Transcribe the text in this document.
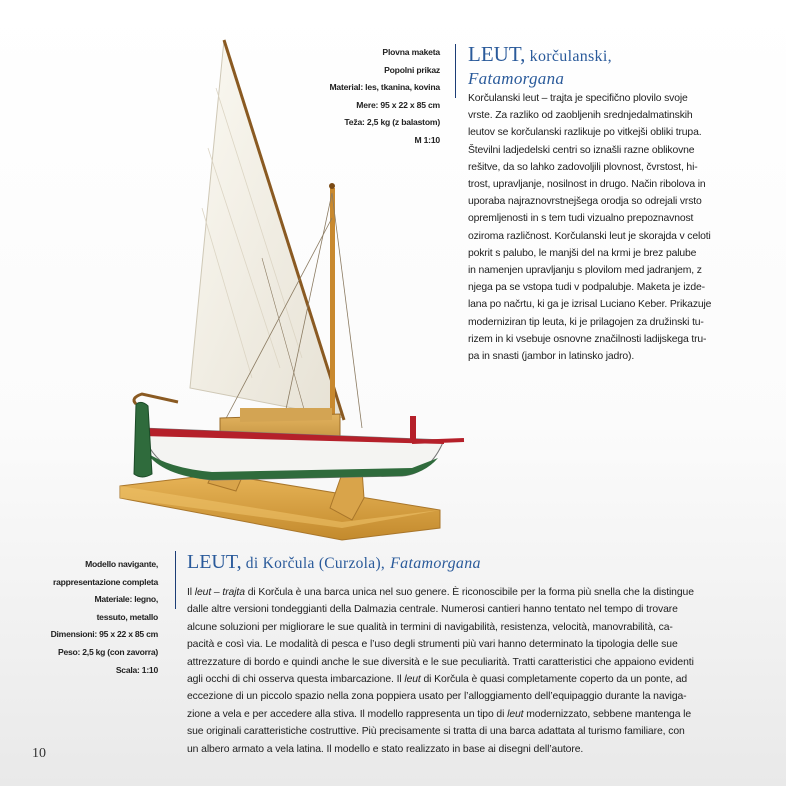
Plovna maketa
Popolni prikaz
Material: les, tkanina, kovina
Mere: 95 x 22 x 85 cm
Teža: 2,5 kg (z balastom)
M 1:10
LEUT, korčulanski,
Fatamorgana
Korčulanski leut – trajta je specifično plovilo svoje
vrste. Za razliko od zaobljenih srednjedalmatinskih
leutov se korčulanski razlikuje po vitkejši obliki trupa.
Številni ladjedelski centri so iznašli razne oblikovne
rešitve, da so lahko zadovoljili plovnost, čvrstost, hi-
trost, upravljanje, nosilnost in drugo. Način ribolova in
uporaba najraznovrstnejšega orodja so odrejali vrsto
opremljenosti in s tem tudi vizualno prepoznavnost
oziroma različnost. Korčulanski leut je skorajda v celoti
pokrit s palubo, le manjši del na krmi je brez palube
in namenjen upravljanju s plovilom med jadranjem, z
njega pa se vstopa tudi v podpalubje. Maketa je izde-
lana po načrtu, ki ga je izrisal Luciano Keber. Prikazuje
moderniziran tip leuta, ki je prilagojen za družinski tu-
rizem in ki vsebuje osnovne značilnosti ladijskega tru-
pa in snasti (jambor in latinsko jadro).
Modello navigante,
rappresentazione completa
Materiale: legno,
tessuto, metallo
Dimensioni: 95 x 22 x 85 cm
Peso: 2,5 kg (con zavorra)
Scala: 1:10
LEUT, di Korčula (Curzola), Fatamorgana
Il leut – trajta di Korčula è una barca unica nel suo genere. È riconoscibile per la forma più snella che la distingue
dalle altre versioni tondeggianti della Dalmazia centrale. Numerosi cantieri hanno tentato nel tempo di trovare
alcune soluzioni per migliorare le sue qualità in termini di navigabilità, resistenza, velocità, manovrabilità, ca-
pacità e così via. Le modalità di pesca e l’uso degli strumenti più vari hanno determinato la tipologia delle sue
attrezzature di bordo e quindi anche le sue diversità e le sue peculiarità. Tratti caratteristici che appaiono evidenti
agli occhi di chi osserva questa imbarcazione. Il leut di Korčula è quasi completamente coperto da un ponte, ad
eccezione di un piccolo spazio nella zona poppiera usato per l’alloggiamento dell’equipaggio durante la naviga-
zione a vela e per accedere alla stiva. Il modello rappresenta un tipo di leut modernizzato, sebbene mantenga le
sue originali caratteristiche costruttive. Più precisamente si tratta di una barca adattata al turismo familiare, con
un albero armato a vela latina. Il modello e stato realizzato in base ai disegni dell’autore.
10
